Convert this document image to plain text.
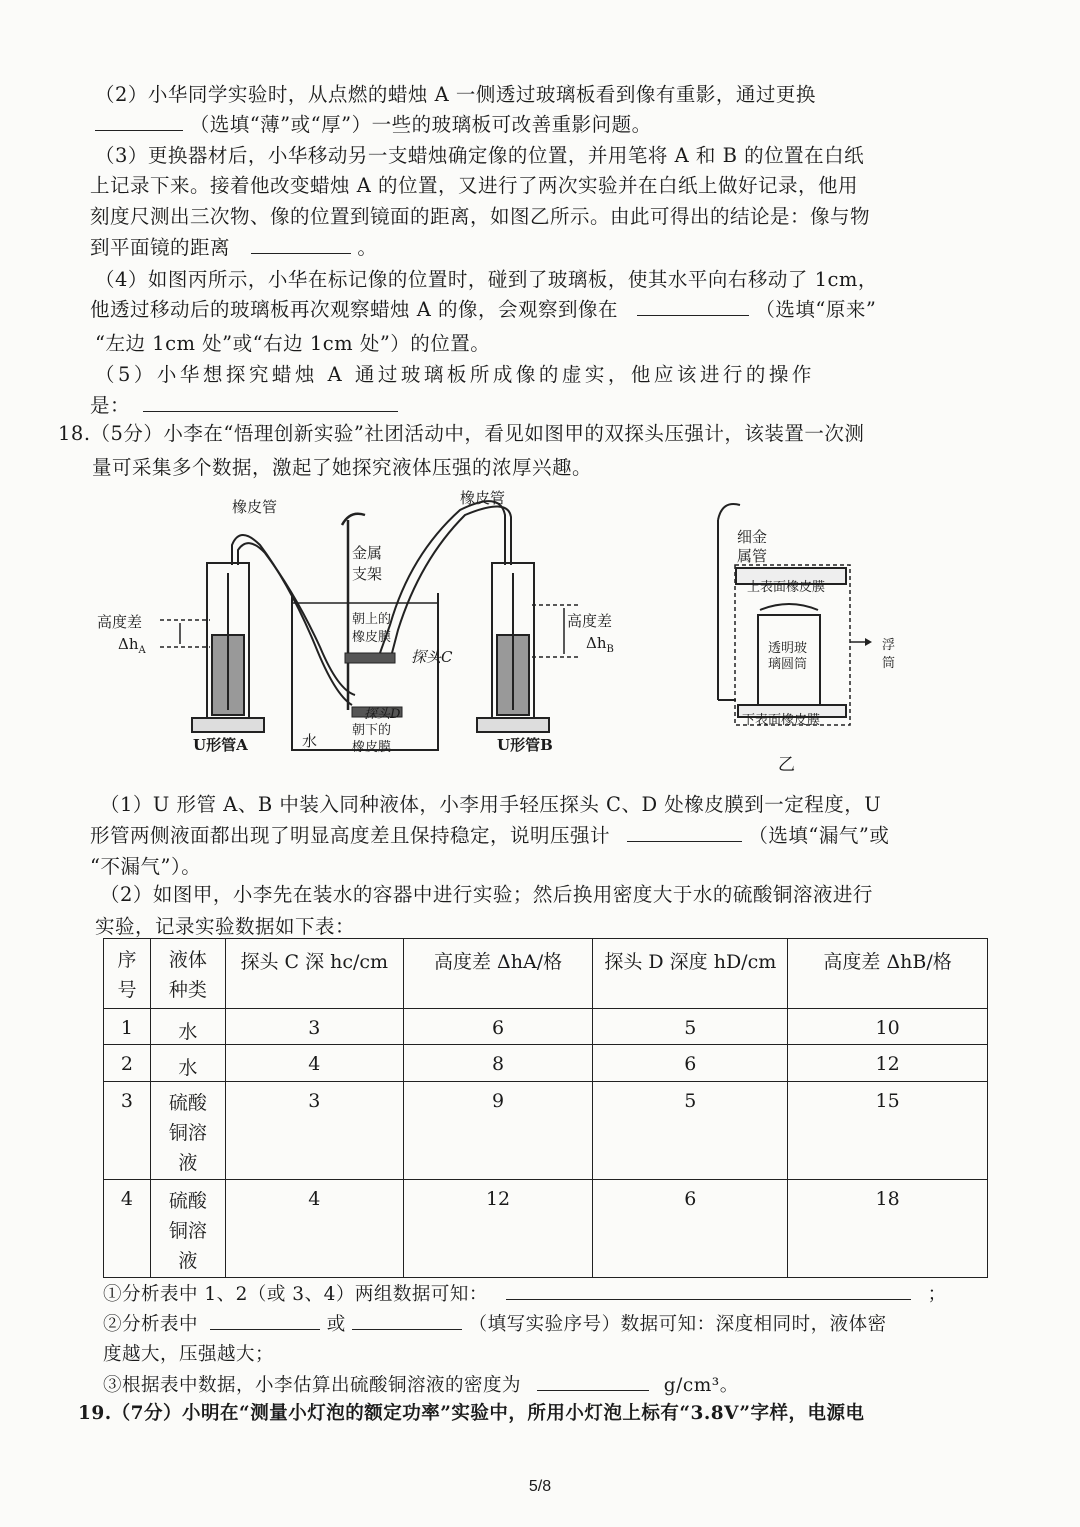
（2）小华同学实验时，从点燃的蜡烛 A 一侧透过玻璃板看到像有重影，通过更换
（选填“薄”或“厚”）一些的玻璃板可改善重影问题。
（3）更换器材后，小华移动另一支蜡烛确定像的位置，并用笔将 A 和 B 的位置在白纸
上记录下来。接着他改变蜡烛 A 的位置，又进行了两次实验并在白纸上做好记录，他用
刻度尺测出三次物、像的位置到镜面的距离，如图乙所示。由此可得出的结论是：像与物
到平面镜的距离	。
（4）如图丙所示，小华在标记像的位置时，碰到了玻璃板，使其水平向右移动了 1cm，
他透过移动后的玻璃板再次观察蜡烛 A 的像，会观察到像在	（选填“原来”
“左边 1cm 处”或“右边 1cm 处”）的位置。
（5）小华想探究蜡烛 A 通过玻璃板所成像的虚实，他应该进行的操作
是：
18.（5分）小李在“悟理创新实验”社团活动中，看见如图甲的双探头压强计，该装置一次测
量可采集多个数据，激起了她探究液体压强的浓厚兴趣。
橡皮管	橡皮管
金属
支架
高度差
$\Delta h_A$
高度差
$\Delta h_B$
朝上的
橡皮膜
探头C
探头D
朝下的
橡皮膜
水
U形管A	U形管B
细金
属管
上表面橡皮膜
透明玻
璃圆筒
浮
筒
下表面橡皮膜
乙
（1）U 形管 A、B 中装入同种液体，小李用手轻压探头 C、D 处橡皮膜到一定程度，U
形管两侧液面都出现了明显高度差且保持稳定，说明压强计	（选填“漏气”或
“不漏气”）。
（2）如图甲，小李先在装水的容器中进行实验；然后换用密度大于水的硫酸铜溶液进行
实验，记录实验数据如下表：
序
号	液体
种类	探头 C 深 hc/cm	高度差 ΔhA/格	探头 D 深度 hD/cm	高度差 ΔhB/格
1	水	3	6	5	10
2	水	4	8	6	12
3	硫酸
铜溶
液	3	9	5	15
4	硫酸
铜溶
液	4	12	6	18
①分析表中 1、2（或 3、4）两组数据可知：	；
②分析表中	或	（填写实验序号）数据可知：深度相同时，液体密
度越大，压强越大；
③根据表中数据，小李估算出硫酸铜溶液的密度为	g/cm³。
19.（7分）小明在“测量小灯泡的额定功率”实验中，所用小灯泡上标有“3.8V”字样，电源电
5/8
